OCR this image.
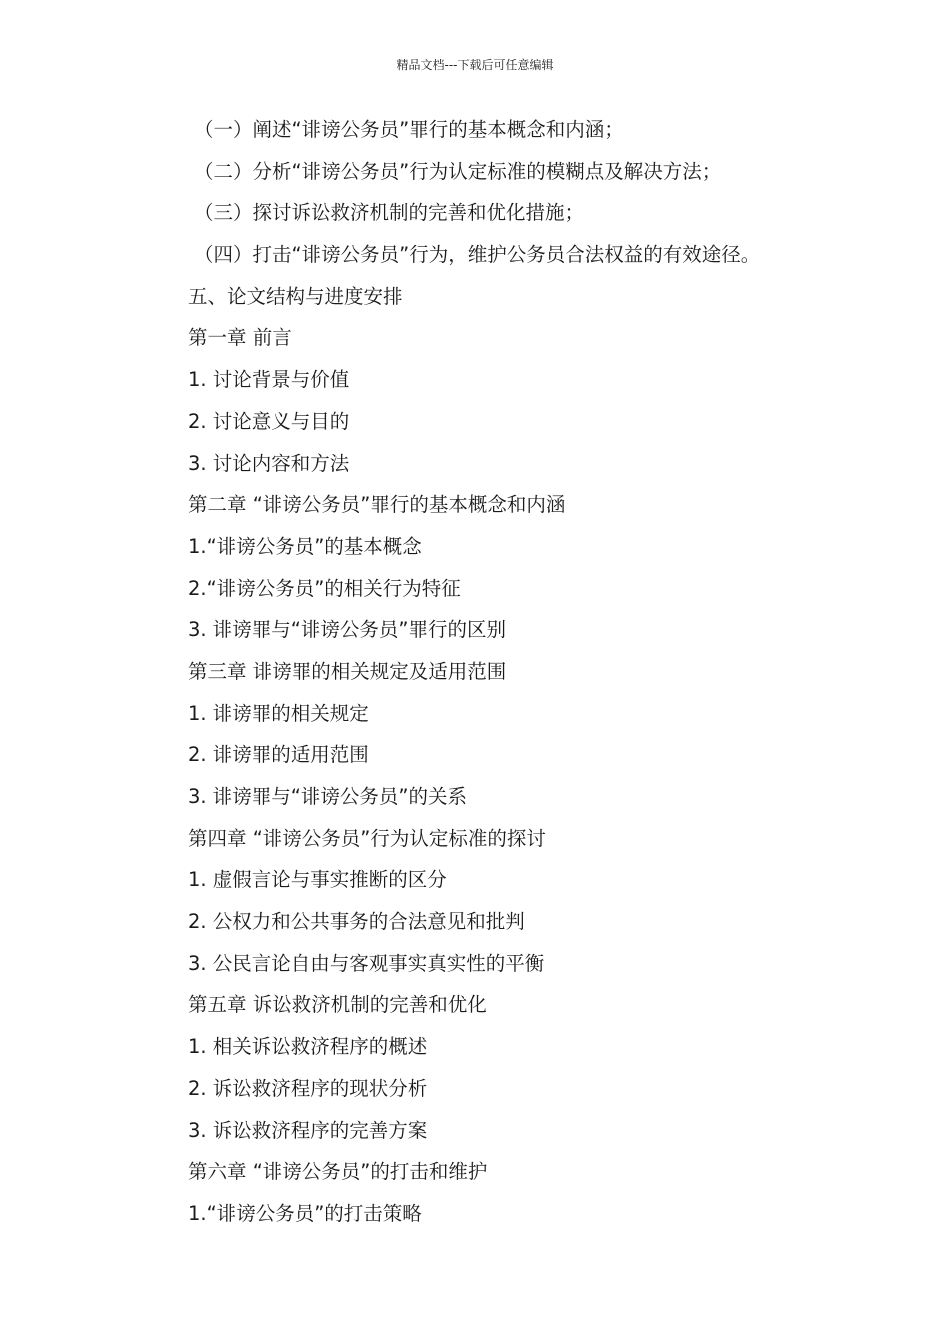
精品文档---下载后可任意编辑
（一）阐述“诽谤公务员”罪行的基本概念和内涵；
（二）分析“诽谤公务员”行为认定标准的模糊点及解决方法；
（三）探讨诉讼救济机制的完善和优化措施；
（四）打击“诽谤公务员”行为，维护公务员合法权益的有效途径。
五、论文结构与进度安排
第一章 前言
1. 讨论背景与价值
2. 讨论意义与目的
3. 讨论内容和方法
第二章 “诽谤公务员”罪行的基本概念和内涵
1.“诽谤公务员”的基本概念
2.“诽谤公务员”的相关行为特征
3. 诽谤罪与“诽谤公务员”罪行的区别
第三章 诽谤罪的相关规定及适用范围
1. 诽谤罪的相关规定
2. 诽谤罪的适用范围
3. 诽谤罪与“诽谤公务员”的关系
第四章 “诽谤公务员”行为认定标准的探讨
1. 虚假言论与事实推断的区分
2. 公权力和公共事务的合法意见和批判
3. 公民言论自由与客观事实真实性的平衡
第五章 诉讼救济机制的完善和优化
1. 相关诉讼救济程序的概述
2. 诉讼救济程序的现状分析
3. 诉讼救济程序的完善方案
第六章 “诽谤公务员”的打击和维护
1.“诽谤公务员”的打击策略
